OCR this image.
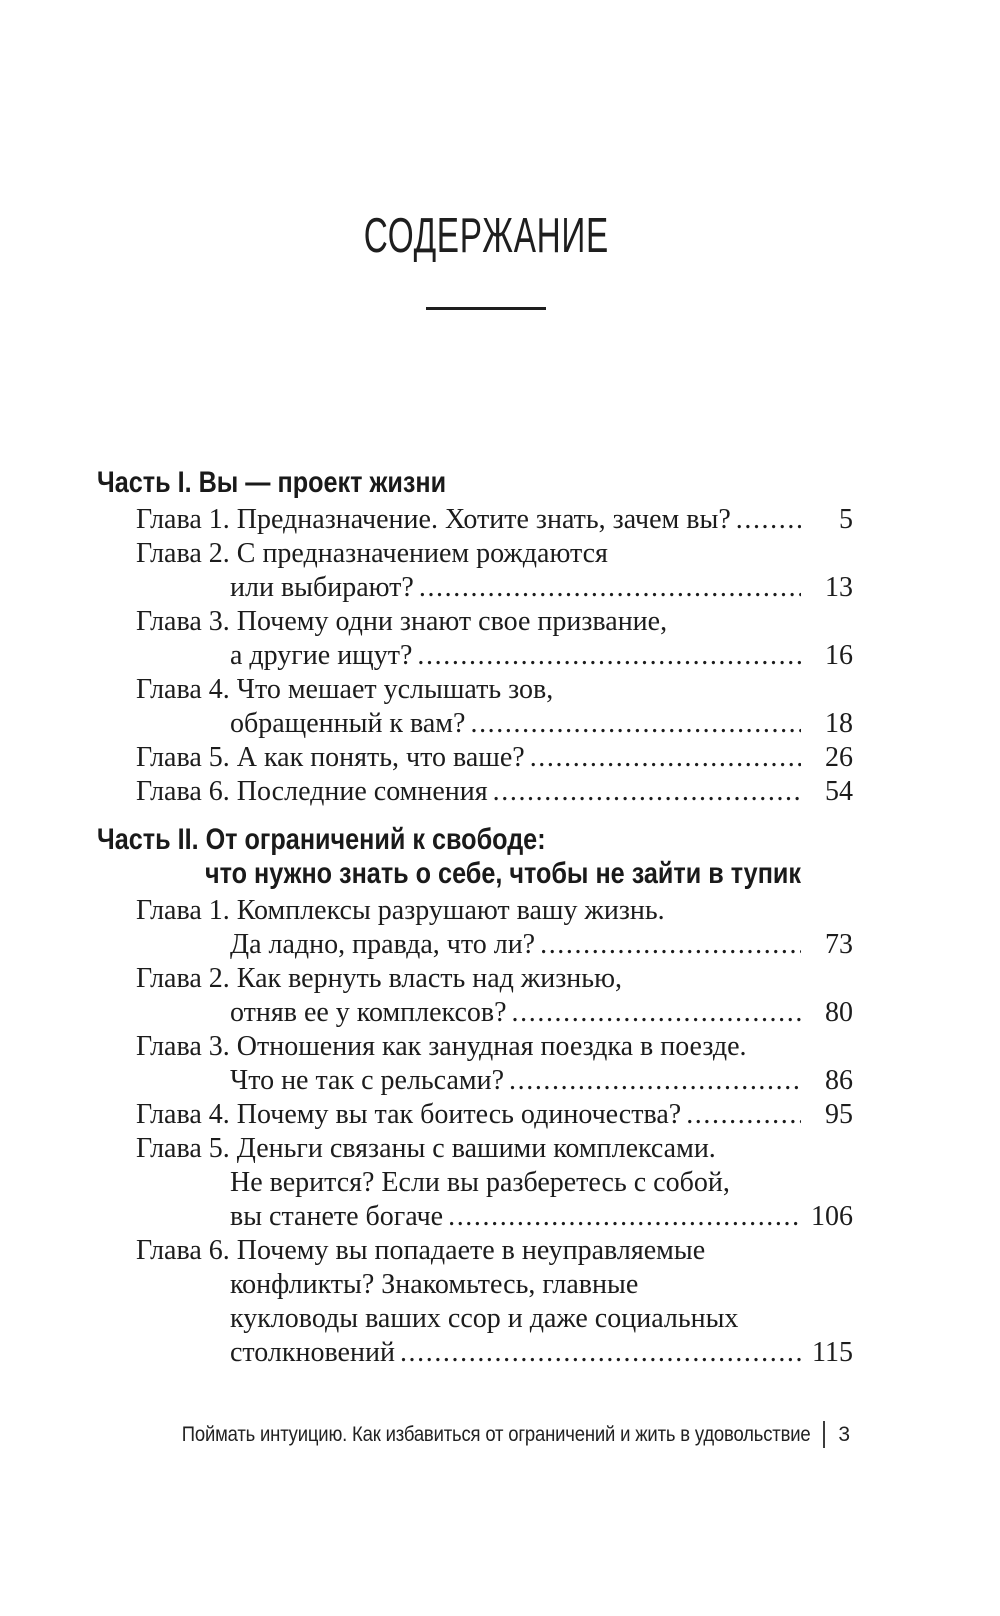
СОДЕРЖАНИЕ
Часть I. Вы — проект жизни
Глава 1. Предназначение. Хотите знать, зачем вы? .....	5
Глава 2. С предназначением рождаются
или выбирают? .....	13
Глава 3. Почему одни знают свое призвание,
а другие ищут? .....	16
Глава 4. Что мешает услышать зов,
обращенный к вам? .....	18
Глава 5. А как понять, что ваше? .....	26
Глава 6. Последние сомнения .....	54
Часть II. От ограничений к свободе:
что нужно знать о себе, чтобы не зайти в тупик
Глава 1. Комплексы разрушают вашу жизнь.
Да ладно, правда, что ли? .....	73
Глава 2. Как вернуть власть над жизнью,
отняв ее у комплексов? .....	80
Глава 3. Отношения как занудная поездка в поезде.
Что не так с рельсами? .....	86
Глава 4. Почему вы так боитесь одиночества? .....	95
Глава 5. Деньги связаны с вашими комплексами.
Не верится? Если вы разберетесь с собой,
вы станете богаче .....	106
Глава 6. Почему вы попадаете в неуправляемые
конфликты? Знакомьтесь, главные
кукловоды ваших ссор и даже социальных
столкновений .....	115
Поймать интуицию. Как избавиться от ограничений и жить в удовольствие 3
